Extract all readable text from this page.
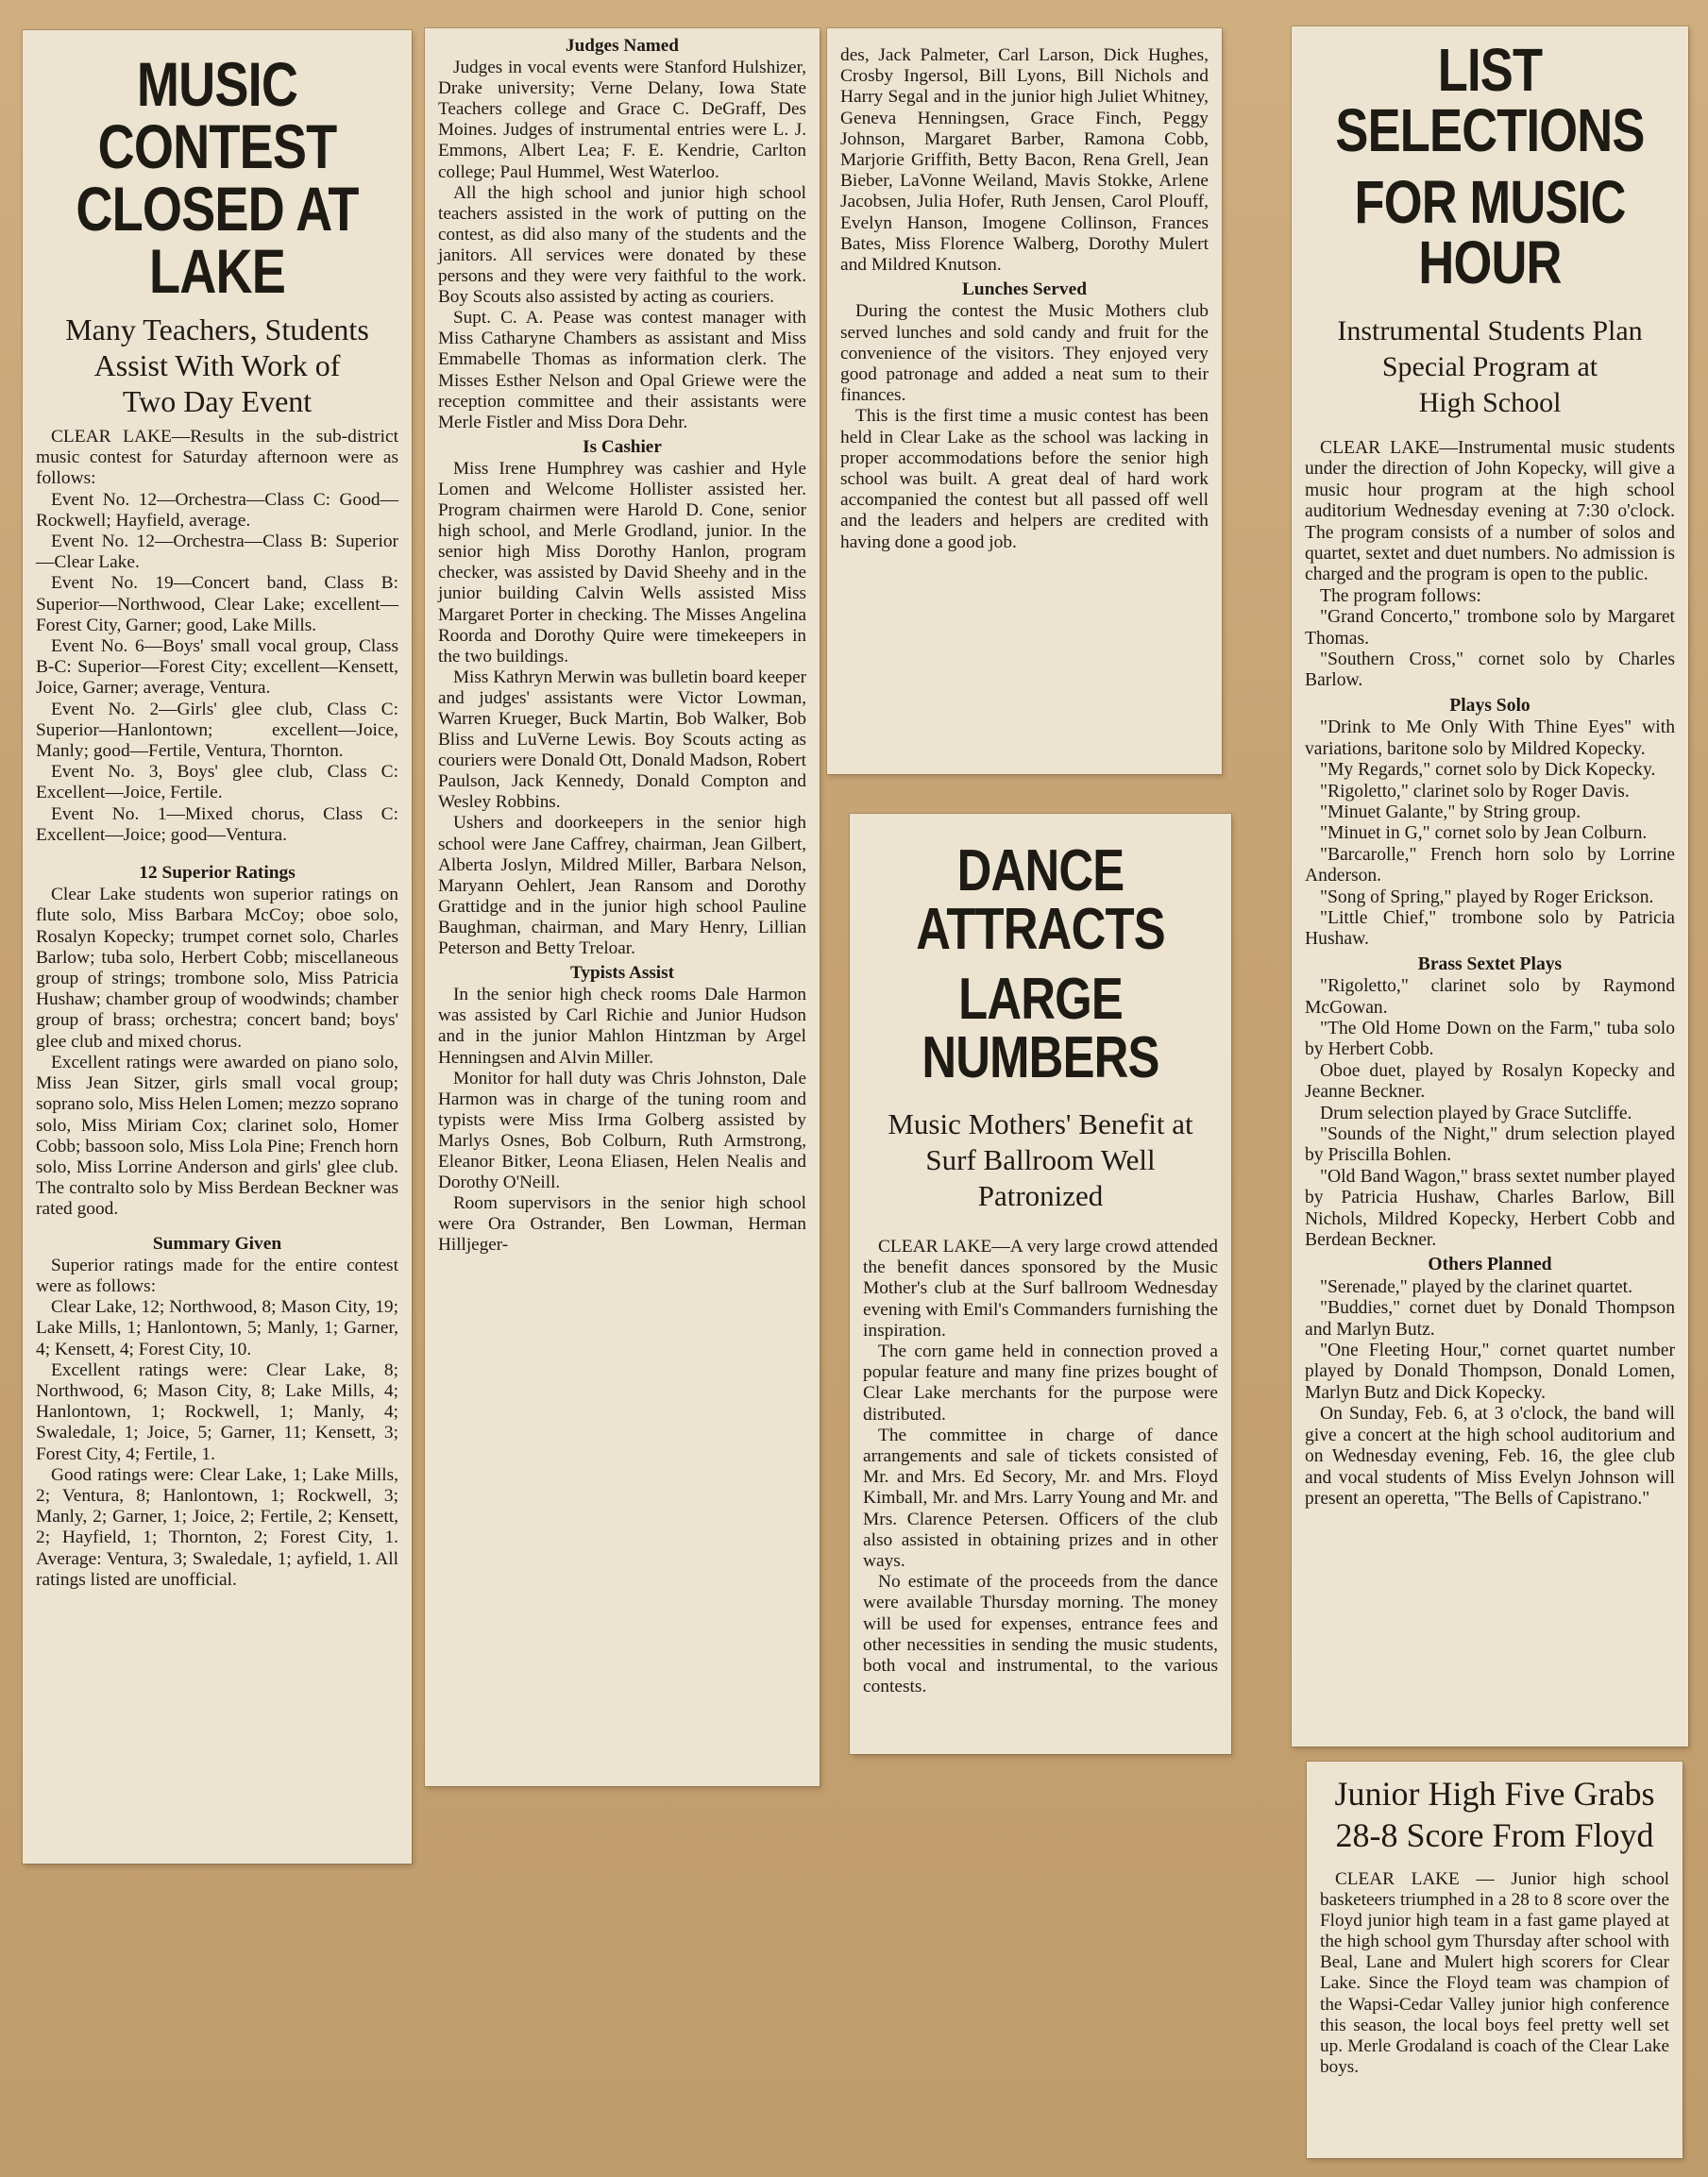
MUSIC CONTEST
CLOSED AT LAKE
Many Teachers, Students
Assist With Work of
Two Day Event

CLEAR LAKE—Results in the sub-district music contest for Saturday afternoon were as follows:

Event No. 12—Orchestra—Class C: Good—Rockwell; Hayfield, average.

Event No. 12—Orchestra—Class B: Superior—Clear Lake.

Event No. 19—Concert band, Class B: Superior—Northwood, Clear Lake; excellent—Forest City, Garner; good, Lake Mills.

Event No. 6—Boys' small vocal group, Class B-C: Superior—Forest City; excellent—Kensett, Joice, Garner; average, Ventura.

Event No. 2—Girls' glee club, Class C: Superior—Hanlontown; excellent—Joice, Manly; good—Fertile, Ventura, Thornton.

Event No. 3, Boys' glee club, Class C: Excellent—Joice, Fertile.

Event No. 1—Mixed chorus, Class C: Excellent—Joice; good—Ventura.

12 Superior Ratings

Clear Lake students won superior ratings on flute solo, Miss Barbara McCoy; oboe solo, Rosalyn Kopecky; trumpet cornet solo, Charles Barlow; tuba solo, Herbert Cobb; miscellaneous group of strings; trombone solo, Miss Patricia Hushaw; chamber group of woodwinds; chamber group of brass; orchestra; concert band; boys' glee club and mixed chorus.

Excellent ratings were awarded on piano solo, Miss Jean Sitzer, girls small vocal group; soprano solo, Miss Helen Lomen; mezzo soprano solo, Miss Miriam Cox; clarinet solo, Homer Cobb; bassoon solo, Miss Lola Pine; French horn solo, Miss Lorrine Anderson and girls' glee club. The contralto solo by Miss Berdean Beckner was rated good.

Summary Given

Superior ratings made for the entire contest were as follows:

Clear Lake, 12; Northwood, 8; Mason City, 19; Lake Mills, 1; Hanlontown, 5; Manly, 1; Garner, 4; Kensett, 4; Forest City, 10.

Excellent ratings were: Clear Lake, 8; Northwood, 6; Mason City, 8; Lake Mills, 4; Hanlontown, 1; Rockwell, 1; Manly, 4; Swaledale, 1; Joice, 5; Garner, 11; Kensett, 3; Forest City, 4; Fertile, 1.

Good ratings were: Clear Lake, 1; Lake Mills, 2; Ventura, 8; Hanlontown, 1; Rockwell, 3; Manly, 2; Garner, 1; Joice, 2; Fertile, 2; Kensett, 2; Hayfield, 1; Thornton, 2; Forest City, 1. Average: Ventura, 3; Swaledale, 1; ayfield, 1. All ratings listed are unofficial.

Judges Named

Judges in vocal events were Stanford Hulshizer, Drake university; Verne Delany, Iowa State Teachers college and Grace C. DeGraff, Des Moines. Judges of instrumental entries were L. J. Emmons, Albert Lea; F. E. Kendrie, Carlton college; Paul Hummel, West Waterloo.

All the high school and junior high school teachers assisted in the work of putting on the contest, as did also many of the students and the janitors. All services were donated by these persons and they were very faithful to the work. Boy Scouts also assisted by acting as couriers.

Supt. C. A. Pease was contest manager with Miss Catharyne Chambers as assistant and Miss Emmabelle Thomas as information clerk. The Misses Esther Nelson and Opal Griewe were the reception committee and their assistants were Merle Fistler and Miss Dora Dehr.

Is Cashier

Miss Irene Humphrey was cashier and Hyle Lomen and Welcome Hollister assisted her. Program chairmen were Harold D. Cone, senior high school, and Merle Grodland, junior. In the senior high Miss Dorothy Hanlon, program checker, was assisted by David Sheehy and in the junior building Calvin Wells assisted Miss Margaret Porter in checking. The Misses Angelina Roorda and Dorothy Quire were timekeepers in the two buildings.

Miss Kathryn Merwin was bulletin board keeper and judges' assistants were Victor Lowman, Warren Krueger, Buck Martin, Bob Walker, Bob Bliss and LuVerne Lewis. Boy Scouts acting as couriers were Donald Ott, Donald Madson, Robert Paulson, Jack Kennedy, Donald Compton and Wesley Robbins.

Ushers and doorkeepers in the senior high school were Jane Caffrey, chairman, Jean Gilbert, Alberta Joslyn, Mildred Miller, Barbara Nelson, Maryann Oehlert, Jean Ransom and Dorothy Grattidge and in the junior high school Pauline Baughman, chairman, and Mary Henry, Lillian Peterson and Betty Treloar.

Typists Assist

In the senior high check rooms Dale Harmon was assisted by Carl Richie and Junior Hudson and in the junior Mahlon Hintzman by Argel Henningsen and Alvin Miller.

Monitor for hall duty was Chris Johnston, Dale Harmon was in charge of the tuning room and typists were Miss Irma Golberg assisted by Marlys Osnes, Bob Colburn, Ruth Armstrong, Eleanor Bitker, Leona Eliasen, Helen Nealis and Dorothy O'Neill.

Room supervisors in the senior high school were Ora Ostrander, Ben Lowman, Herman Hilljeger-

des, Jack Palmeter, Carl Larson, Dick Hughes, Crosby Ingersol, Bill Lyons, Bill Nichols and Harry Segal and in the junior high Juliet Whitney, Geneva Henningsen, Grace Finch, Peggy Johnson, Margaret Barber, Ramona Cobb, Marjorie Griffith, Betty Bacon, Rena Grell, Jean Bieber, LaVonne Weiland, Mavis Stokke, Arlene Jacobsen, Julia Hofer, Ruth Jensen, Carol Plouff, Evelyn Hanson, Imogene Collinson, Frances Bates, Miss Florence Walberg, Dorothy Mulert and Mildred Knutson.

Lunches Served

During the contest the Music Mothers club served lunches and sold candy and fruit for the convenience of the visitors. They enjoyed very good patronage and added a neat sum to their finances.

This is the first time a music contest has been held in Clear Lake as the school was lacking in proper accommodations before the senior high school was built. A great deal of hard work accompanied the contest but all passed off well and the leaders and helpers are credited with having done a good job.

DANCE ATTRACTS
LARGE NUMBERS
Music Mothers' Benefit at
Surf Ballroom Well
Patronized

CLEAR LAKE—A very large crowd attended the benefit dances sponsored by the Music Mother's club at the Surf ballroom Wednesday evening with Emil's Commanders furnishing the inspiration.

The corn game held in connection proved a popular feature and many fine prizes bought of Clear Lake merchants for the purpose were distributed.

The committee in charge of dance arrangements and sale of tickets consisted of Mr. and Mrs. Ed Secory, Mr. and Mrs. Floyd Kimball, Mr. and Mrs. Larry Young and Mr. and Mrs. Clarence Petersen. Officers of the club also assisted in obtaining prizes and in other ways.

No estimate of the proceeds from the dance were available Thursday morning. The money will be used for expenses, entrance fees and other necessities in sending the music students, both vocal and instrumental, to the various contests.

LIST SELECTIONS
FOR MUSIC HOUR
Instrumental Students Plan
Special Program at
High School

CLEAR LAKE—Instrumental music students under the direction of John Kopecky, will give a music hour program at the high school auditorium Wednesday evening at 7:30 o'clock. The program consists of a number of solos and quartet, sextet and duet numbers. No admission is charged and the program is open to the public.

The program follows:

"Grand Concerto," trombone solo by Margaret Thomas.

"Southern Cross," cornet solo by Charles Barlow.

Plays Solo

"Drink to Me Only With Thine Eyes" with variations, baritone solo by Mildred Kopecky.

"My Regards," cornet solo by Dick Kopecky.

"Rigoletto," clarinet solo by Roger Davis.

"Minuet Galante," by String group.

"Minuet in G," cornet solo by Jean Colburn.

"Barcarolle," French horn solo by Lorrine Anderson.

"Song of Spring," played by Roger Erickson.

"Little Chief," trombone solo by Patricia Hushaw.

Brass Sextet Plays

"Rigoletto," clarinet solo by Raymond McGowan.

"The Old Home Down on the Farm," tuba solo by Herbert Cobb.

Oboe duet, played by Rosalyn Kopecky and Jeanne Beckner.

Drum selection played by Grace Sutcliffe.

"Sounds of the Night," drum selection played by Priscilla Bohlen.

"Old Band Wagon," brass sextet number played by Patricia Hushaw, Charles Barlow, Bill Nichols, Mildred Kopecky, Herbert Cobb and Berdean Beckner.

Others Planned

"Serenade," played by the clarinet quartet.

"Buddies," cornet duet by Donald Thompson and Marlyn Butz.

"One Fleeting Hour," cornet quartet number played by Donald Thompson, Donald Lomen, Marlyn Butz and Dick Kopecky.

On Sunday, Feb. 6, at 3 o'clock, the band will give a concert at the high school auditorium and on Wednesday evening, Feb. 16, the glee club and vocal students of Miss Evelyn Johnson will present an operetta, "The Bells of Capistrano."

Junior High Five Grabs
28-8 Score From Floyd

CLEAR LAKE — Junior high school basketeers triumphed in a 28 to 8 score over the Floyd junior high team in a fast game played at the high school gym Thursday after school with Beal, Lane and Mulert high scorers for Clear Lake. Since the Floyd team was champion of the Wapsi-Cedar Valley junior high conference this season, the local boys feel pretty well set up. Merle Grodaland is coach of the Clear Lake boys.
